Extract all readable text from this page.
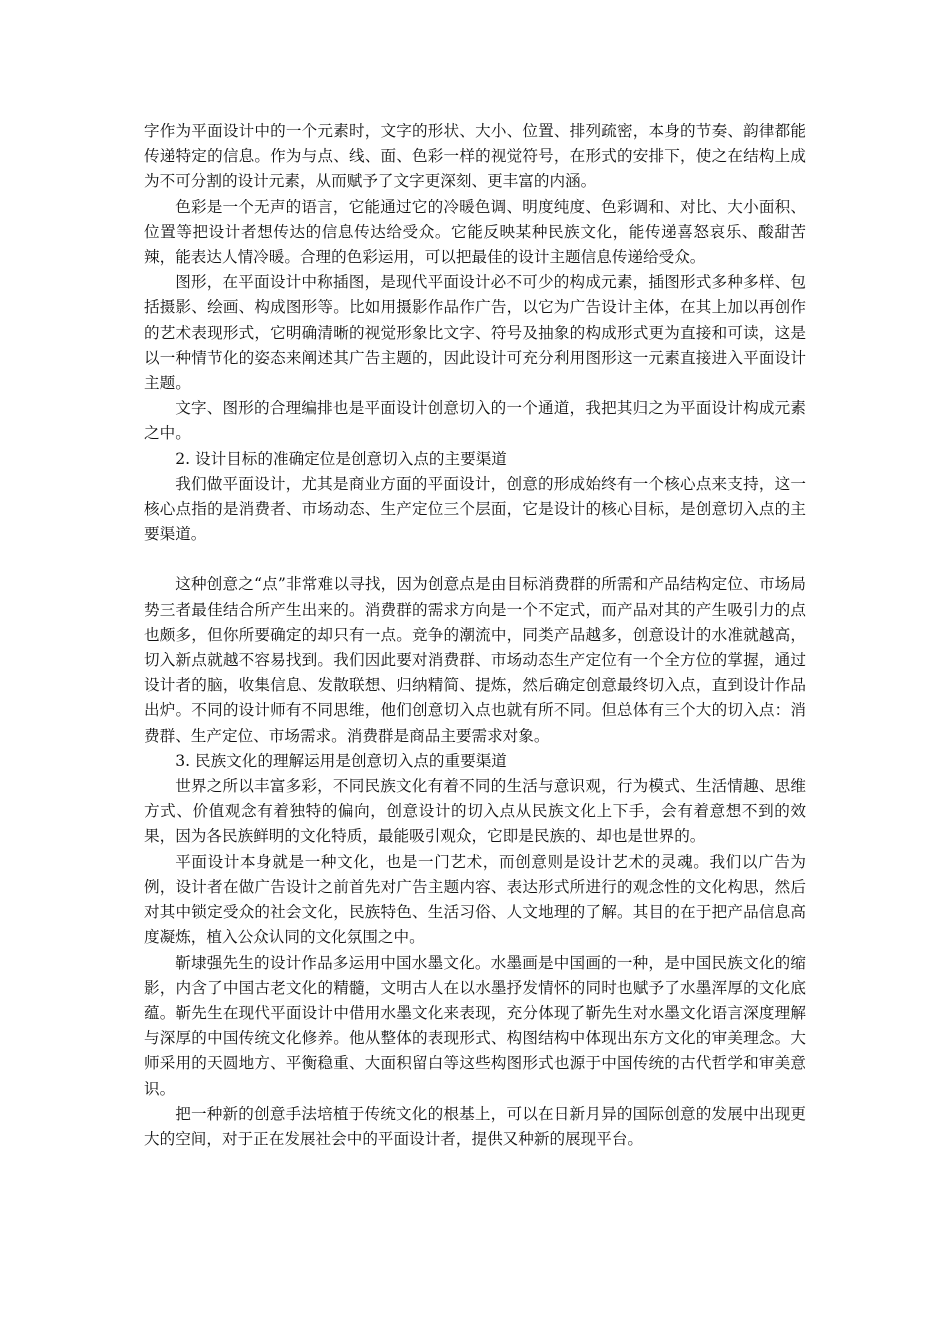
字作为平面设计中的一个元素时，文字的形状、大小、位置、排列疏密，本身的节奏、韵律都能传递特定的信息。作为与点、线、面、色彩一样的视觉符号，在形式的安排下，使之在结构上成为不可分割的设计元素，从而赋予了文字更深刻、更丰富的内涵。

色彩是一个无声的语言，它能通过它的冷暖色调、明度纯度、色彩调和、对比、大小面积、位置等把设计者想传达的信息传达给受众。它能反映某种民族文化，能传递喜怒哀乐、酸甜苦辣，能表达人情冷暖。合理的色彩运用，可以把最佳的设计主题信息传递给受众。

图形，在平面设计中称插图，是现代平面设计必不可少的构成元素，插图形式多种多样、包括摄影、绘画、构成图形等。比如用摄影作品作广告，以它为广告设计主体，在其上加以再创作的艺术表现形式，它明确清晰的视觉形象比文字、符号及抽象的构成形式更为直接和可读，这是以一种情节化的姿态来阐述其广告主题的，因此设计可充分利用图形这一元素直接进入平面设计主题。

文字、图形的合理编排也是平面设计创意切入的一个通道，我把其归之为平面设计构成元素之中。

2. 设计目标的准确定位是创意切入点的主要渠道

我们做平面设计，尤其是商业方面的平面设计，创意的形成始终有一个核心点来支持，这一核心点指的是消费者、市场动态、生产定位三个层面，它是设计的核心目标，是创意切入点的主要渠道。

这种创意之“点”非常难以寻找，因为创意点是由目标消费群的所需和产品结构定位、市场局势三者最佳结合所产生出来的。消费群的需求方向是一个不定式，而产品对其的产生吸引力的点也颇多，但你所要确定的却只有一点。竞争的潮流中，同类产品越多，创意设计的水准就越高，切入新点就越不容易找到。我们因此要对消费群、市场动态生产定位有一个全方位的掌握，通过设计者的脑，收集信息、发散联想、归纳精简、提炼，然后确定创意最终切入点，直到设计作品出炉。不同的设计师有不同思维，他们创意切入点也就有所不同。但总体有三个大的切入点：消费群、生产定位、市场需求。消费群是商品主要需求对象。

3. 民族文化的理解运用是创意切入点的重要渠道

世界之所以丰富多彩，不同民族文化有着不同的生活与意识观，行为模式、生活情趣、思维方式、价值观念有着独特的偏向，创意设计的切入点从民族文化上下手，会有着意想不到的效果，因为各民族鲜明的文化特质，最能吸引观众，它即是民族的、却也是世界的。

平面设计本身就是一种文化，也是一门艺术，而创意则是设计艺术的灵魂。我们以广告为例，设计者在做广告设计之前首先对广告主题内容、表达形式所进行的观念性的文化构思，然后对其中锁定受众的社会文化，民族特色、生活习俗、人文地理的了解。其目的在于把产品信息高度凝炼，植入公众认同的文化氛围之中。

靳埭强先生的设计作品多运用中国水墨文化。水墨画是中国画的一种，是中国民族文化的缩影，内含了中国古老文化的精髓，文明古人在以水墨抒发情怀的同时也赋予了水墨浑厚的文化底蕴。靳先生在现代平面设计中借用水墨文化来表现，充分体现了靳先生对水墨文化语言深度理解与深厚的中国传统文化修养。他从整体的表现形式、构图结构中体现出东方文化的审美理念。大师采用的天圆地方、平衡稳重、大面积留白等这些构图形式也源于中国传统的古代哲学和审美意识。

把一种新的创意手法培植于传统文化的根基上，可以在日新月异的国际创意的发展中出现更大的空间，对于正在发展社会中的平面设计者，提供又种新的展现平台。
